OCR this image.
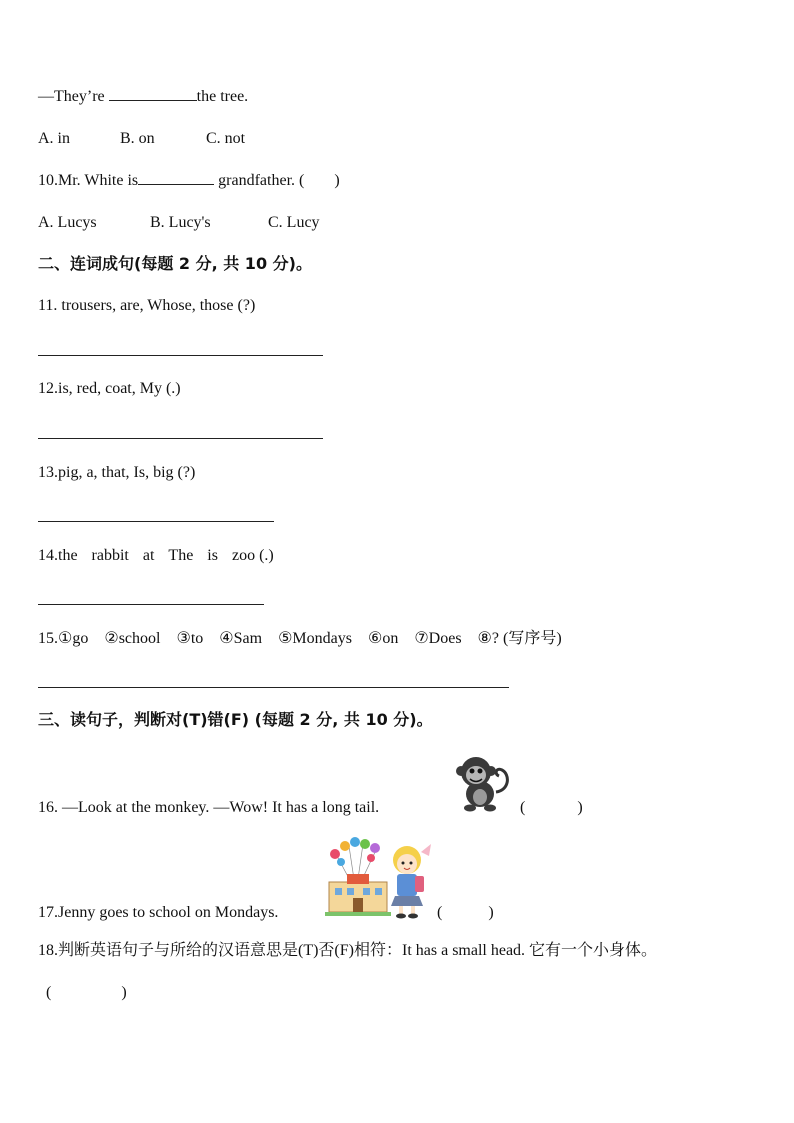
—They’re	the tree.
A. in	B. on	C. not
10.Mr. White is	grandfather. ( )
A. Lucys	B. Lucy's	C. Lucy
二、连词成句(每题 2 分, 共 10 分)。
11. trousers, are, Whose, those (?)
12.is, red, coat, My (.)
13.pig, a, that, Is, big (?)
14.the rabbit at The is zoo (.)
15.①go ②school ③to ④Sam ⑤Mondays ⑥on ⑦Does ⑧? (写序号)
三、读句子，判断对(T)错(F) (每题 2 分, 共 10 分)。
16. —Look at the monkey. —Wow! It has a long tail.	(	)
17.Jenny goes to school on Mondays.	(	)
18.判断英语句子与所给的汉语意思是(T)否(F)相符：It has a small head. 它有一个小身体。
(	)
